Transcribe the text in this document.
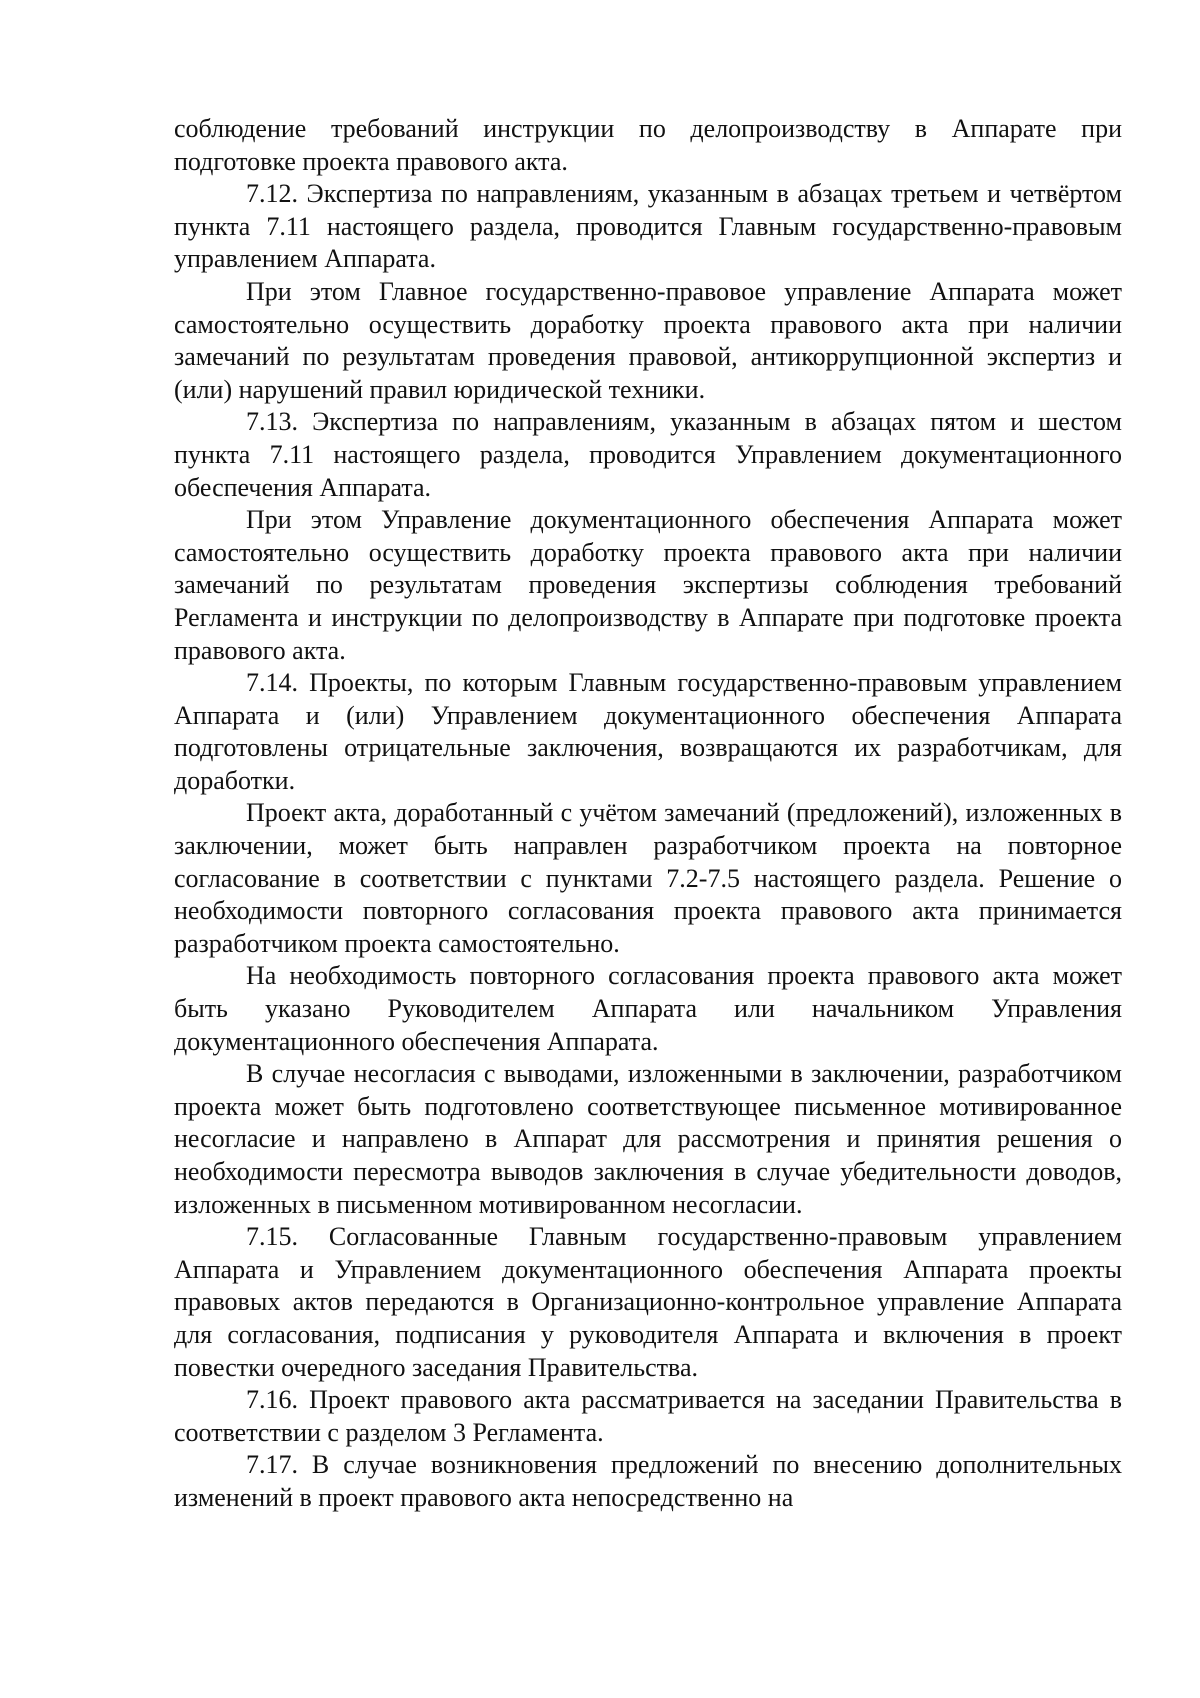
соблюдение требований инструкции по делопроизводству в Аппарате при подготовке проекта правового акта.

7.12. Экспертиза по направлениям, указанным в абзацах третьем и четвёртом пункта 7.11 настоящего раздела, проводится Главным государственно-правовым управлением Аппарата.

При этом Главное государственно-правовое управление Аппарата может самостоятельно осуществить доработку проекта правового акта при наличии замечаний по результатам проведения правовой, антикоррупционной экспертиз и (или) нарушений правил юридической техники.

7.13. Экспертиза по направлениям, указанным в абзацах пятом и шестом пункта 7.11 настоящего раздела, проводится Управлением документационного обеспечения Аппарата.

При этом Управление документационного обеспечения Аппарата может самостоятельно осуществить доработку проекта правового акта при наличии замечаний по результатам проведения экспертизы соблюдения требований Регламента и инструкции по делопроизводству в Аппарате при подготовке проекта правового акта.

7.14. Проекты, по которым Главным государственно-правовым управлением Аппарата и (или) Управлением документационного обеспечения Аппарата подготовлены отрицательные заключения, возвращаются их разработчикам, для доработки.

Проект акта, доработанный с учётом замечаний (предложений), изложенных в заключении, может быть направлен разработчиком проекта на повторное согласование в соответствии с пунктами 7.2-7.5 настоящего раздела. Решение о необходимости повторного согласования проекта правового акта принимается разработчиком проекта самостоятельно.

На необходимость повторного согласования проекта правового акта может быть указано Руководителем Аппарата или начальником Управления документационного обеспечения Аппарата.

В случае несогласия с выводами, изложенными в заключении, разработчиком проекта может быть подготовлено соответствующее письменное мотивированное несогласие и направлено в Аппарат для рассмотрения и принятия решения о необходимости пересмотра выводов заключения в случае убедительности доводов, изложенных в письменном мотивированном несогласии.

7.15. Согласованные Главным государственно-правовым управлением Аппарата и Управлением документационного обеспечения Аппарата проекты правовых актов передаются в Организационно-контрольное управление Аппарата для согласования, подписания у руководителя Аппарата и включения в проект повестки очередного заседания Правительства.

7.16. Проект правового акта рассматривается на заседании Правительства в соответствии с разделом 3 Регламента.

7.17. В случае возникновения предложений по внесению дополнительных изменений в проект правового акта непосредственно на
